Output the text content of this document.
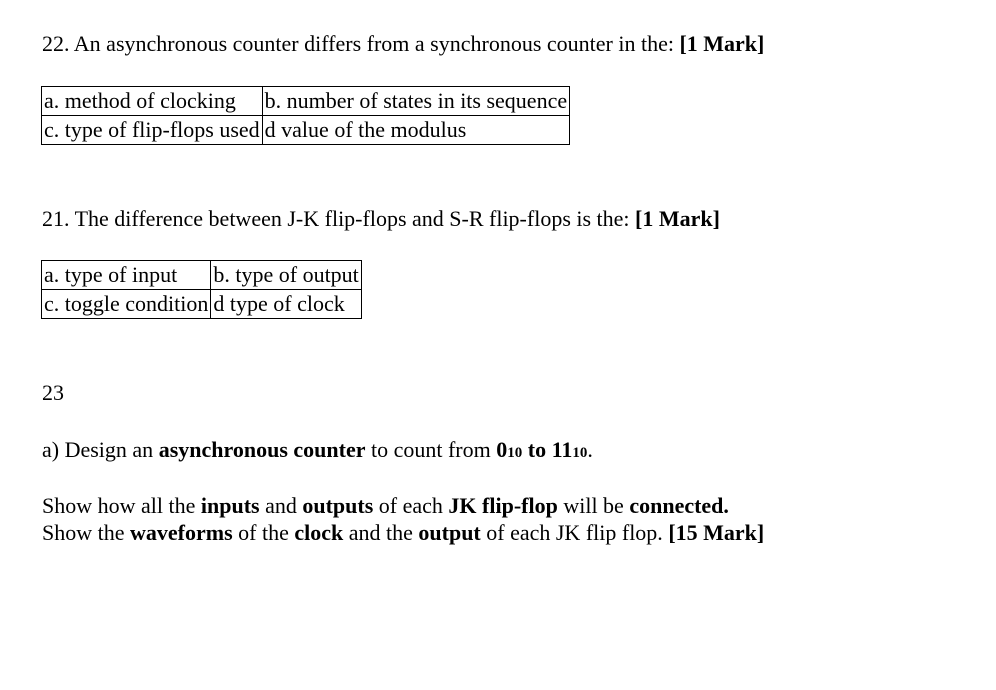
22. An asynchronous counter differs from a synchronous counter in the: [1 Mark]

a. method of clocking	b. number of states in its sequence
c. type of flip-flops used	d value of the modulus

21. The difference between J-K flip-flops and S-R flip-flops is the: [1 Mark]

a. type of input	b. type of output
c. toggle condition	d type of clock

23

a) Design an asynchronous counter to count from 010 to 1110.

Show how all the inputs and outputs of each JK flip-flop will be connected.

Show the waveforms of the clock and the output of each JK flip flop. [15 Mark]
